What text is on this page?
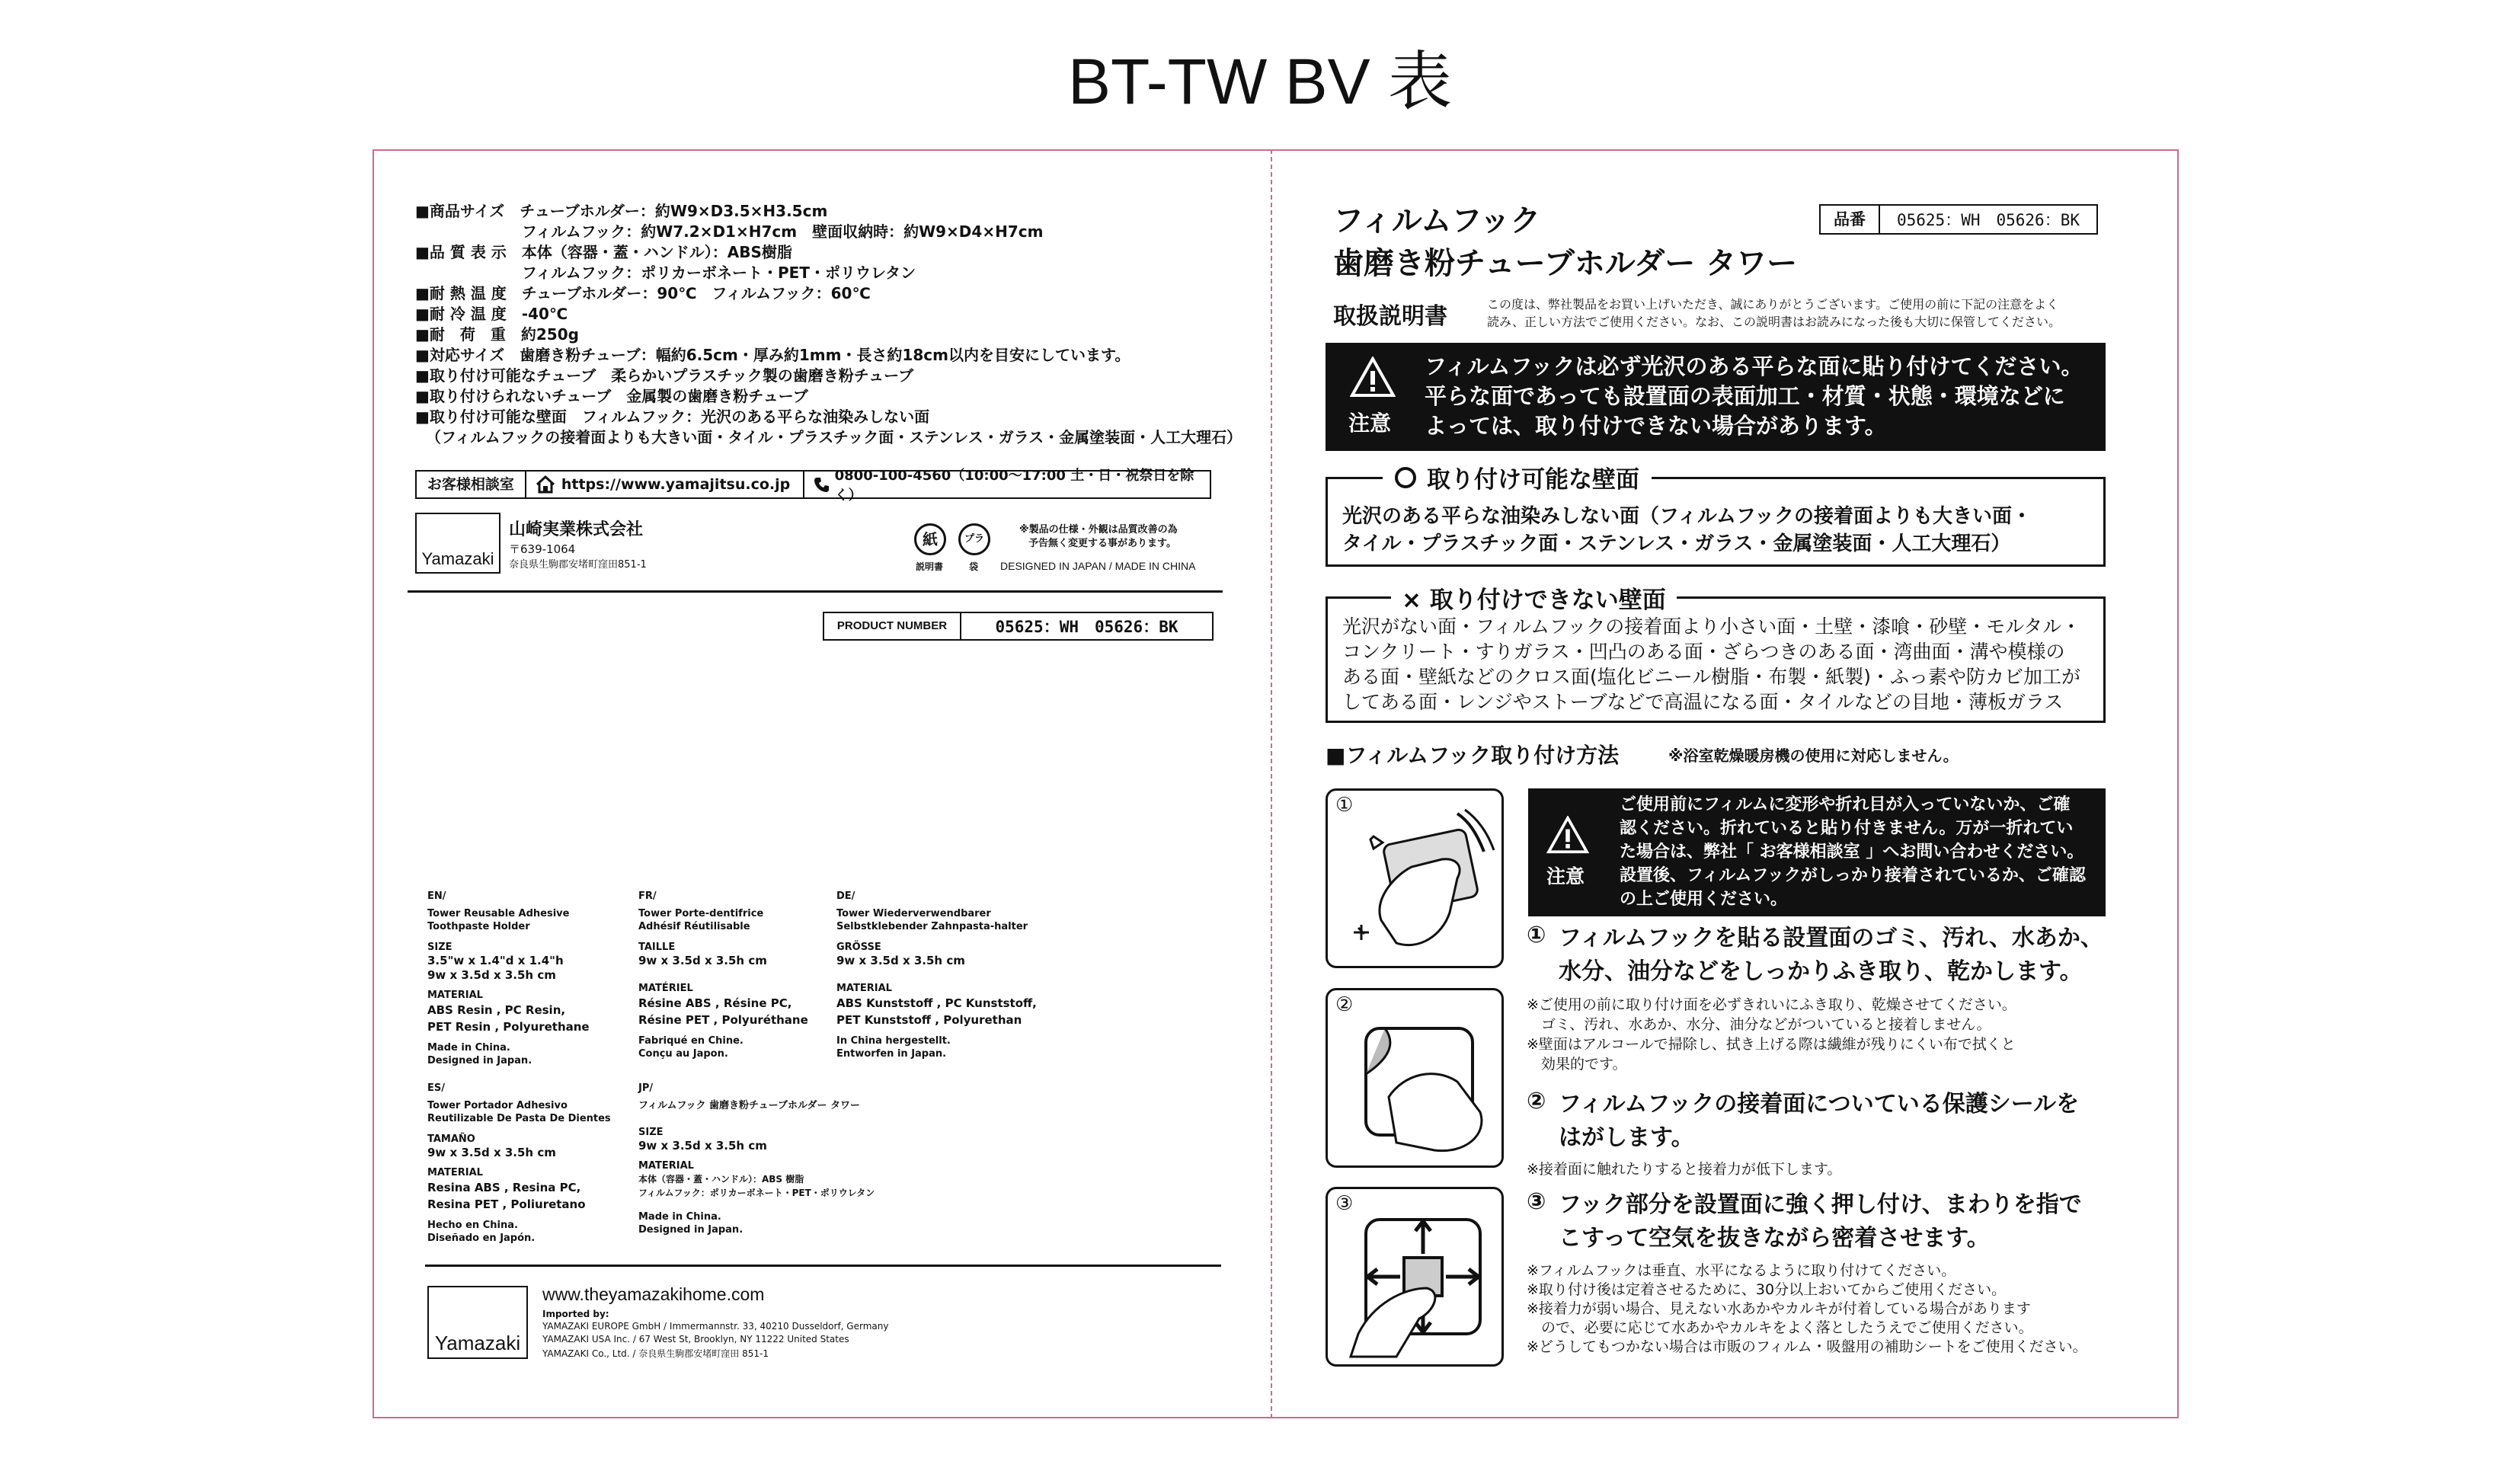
BT-TW BV 表
■商品サイズ　チューブホルダー：約W9×D3.5×H3.5cm
　　　　　　　フィルムフック：約W7.2×D1×H7cm　壁面収納時：約W9×D4×H7cm
■品 質 表 示　本体（容器・蓋・ハンドル）：ABS樹脂
　　　　　　　フィルムフック：ポリカーボネート・PET・ポリウレタン
■耐 熱 温 度　チューブホルダー：90℃　フィルムフック：60℃
■耐 冷 温 度　-40℃
■耐　荷　重　約250g
■対応サイズ　歯磨き粉チューブ：幅約6.5cm・厚み約1mm・長さ約18cm以内を目安にしています。
■取り付け可能なチューブ　柔らかいプラスチック製の歯磨き粉チューブ
■取り付けられないチューブ　金属製の歯磨き粉チューブ
■取り付け可能な壁面　フィルムフック：光沢のある平らな油染みしない面
（フィルムフックの接着面よりも大きい面・タイル・プラスチック面・ステンレス・ガラス・金属塗装面・人工大理石）
お客様相談室	https://www.yamajitsu.co.jp
0800-100-4560（10:00〜17:00 土・日・祝祭日を除く）
Yamazaki
山崎実業株式会社
〒639-1064
奈良県生駒郡安堵町窪田851-1
紙	プラ
説明書	袋
※製品の仕様・外観は品質改善の為
予告無く変更する事があります。
DESIGNED IN JAPAN / MADE IN CHINA
PRODUCT NUMBER	05625：WH　05626：BK
EN/
Tower Reusable Adhesive
Toothpaste Holder
SIZE
3.5"w x 1.4"d x 1.4"h
9w x 3.5d x 3.5h cm
MATERIAL
ABS Resin , PC Resin,
PET Resin , Polyurethane
Made in China.
Designed in Japan.
FR/
Tower Porte-dentifrice
Adhésif Réutilisable
TAILLE
9w x 3.5d x 3.5h cm
MATÉRIEL
Résine ABS , Résine PC,
Résine PET , Polyuréthane
Fabriqué en Chine.
Conçu au Japon.
DE/
Tower Wiederverwendbarer
Selbstklebender Zahnpasta-halter
GRÖSSE
9w x 3.5d x 3.5h cm
MATERIAL
ABS Kunststoff , PC Kunststoff,
PET Kunststoff , Polyurethan
In China hergestellt.
Entworfen in Japan.
ES/
Tower Portador Adhesivo
Reutilizable De Pasta De Dientes
TAMAÑO
9w x 3.5d x 3.5h cm
MATERIAL
Resina ABS , Resina PC,
Resina PET , Poliuretano
Hecho en China.
Diseñado en Japón.
JP/
フィルムフック 歯磨き粉チューブホルダー タワー
SIZE
9w x 3.5d x 3.5h cm
MATERIAL
本体（容器・蓋・ハンドル）：ABS 樹脂
フィルムフック：ポリカーボネート・PET・ポリウレタン
Made in China.
Designed in Japan.
Yamazaki
www.theyamazakihome.com
Imported by:
YAMAZAKI EUROPE GmbH / Immermannstr. 33, 40210 Dusseldorf, Germany
YAMAZAKI USA Inc. / 67 West St, Brooklyn, NY 11222 United States
YAMAZAKI Co., Ltd. / 奈良県生駒郡安堵町窪田 851-1
フィルムフック
歯磨き粉チューブホルダー タワー
品番	05625：WH　05626：BK
取扱説明書	この度は、弊社製品をお買い上げいただき、誠にありがとうございます。ご使用の前に下記の注意をよく
読み、正しい方法でご使用ください。なお、この説明書はお読みになった後も大切に保管してください。
注意
フィルムフックは必ず光沢のある平らな面に貼り付けてください。
平らな面であっても設置面の表面加工・材質・状態・環境などに
よっては、取り付けできない場合があります。
取り付け可能な壁面
光沢のある平らな油染みしない面（フィルムフックの接着面よりも大きい面・
タイル・プラスチック面・ステンレス・ガラス・金属塗装面・人工大理石）
× 取り付けできない壁面
光沢がない面・フィルムフックの接着面より小さい面・土壁・漆喰・砂壁・モルタル・
コンクリート・すりガラス・凹凸のある面・ざらつきのある面・湾曲面・溝や模様の
ある面・壁紙などのクロス面(塩化ビニール樹脂・布製・紙製)・ふっ素や防カビ加工が
してある面・レンジやストーブなどで高温になる面・タイルなどの目地・薄板ガラス
■フィルムフック取り付け方法	※浴室乾燥暖房機の使用に対応しません。
①
②
③
注意
ご使用前にフィルムに変形や折れ目が入っていないか、ご確
認ください。折れていると貼り付きません。万が一折れてい
た場合は、弊社「 お客様相談室 」へお問い合わせください。
設置後、フィルムフックがしっかり接着されているか、ご確認
の上ご使用ください。
① フィルムフックを貼る設置面のゴミ、汚れ、水あか、
水分、油分などをしっかりふき取り、乾かします。
※ご使用の前に取り付け面を必ずきれいにふき取り、乾燥させてください。
　ゴミ、汚れ、水あか、水分、油分などがついていると接着しません。
※壁面はアルコールで掃除し、拭き上げる際は繊維が残りにくい布で拭くと
　効果的です。
② フィルムフックの接着面についている保護シールを
はがします。
※接着面に触れたりすると接着力が低下します。
③ フック部分を設置面に強く押し付け、まわりを指で
こすって空気を抜きながら密着させます。
※フィルムフックは垂直、水平になるように取り付けてください。
※取り付け後は定着させるために、30分以上おいてからご使用ください。
※接着力が弱い場合、見えない水あかやカルキが付着している場合があります
　ので、必要に応じて水あかやカルキをよく落としたうえでご使用ください。
※どうしてもつかない場合は市販のフィルム・吸盤用の補助シートをご使用ください。
